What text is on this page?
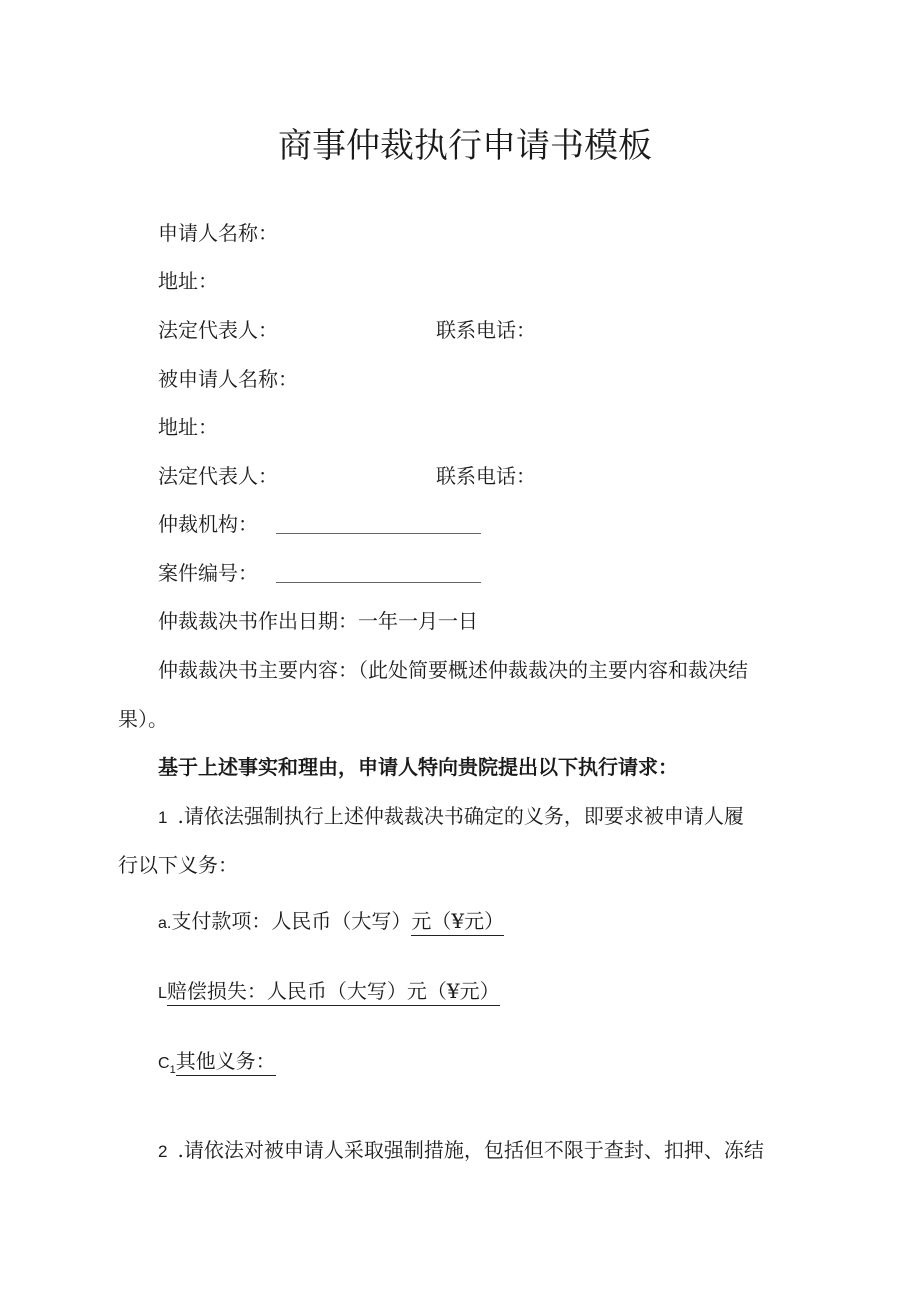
商事仲裁执行申请书模板
申请人名称：
地址：
法定代表人：	联系电话：
被申请人名称：
地址：
法定代表人：	联系电话：
仲裁机构：
案件编号：
仲裁裁决书作出日期：一年一月一日
仲裁裁决书主要内容：（此处简要概述仲裁裁决的主要内容和裁决结
果）。
基于上述事实和理由，申请人特向贵院提出以下执行请求：
1 .请依法强制执行上述仲裁裁决书确定的义务，即要求被申请人履
行以下义务：
a.支付款项：人民币（大写）元（¥元）
L赔偿损失：人民币（大写）元（¥元）
$C_1$其他义务：
2 .请依法对被申请人采取强制措施，包括但不限于查封、扣押、冻结
